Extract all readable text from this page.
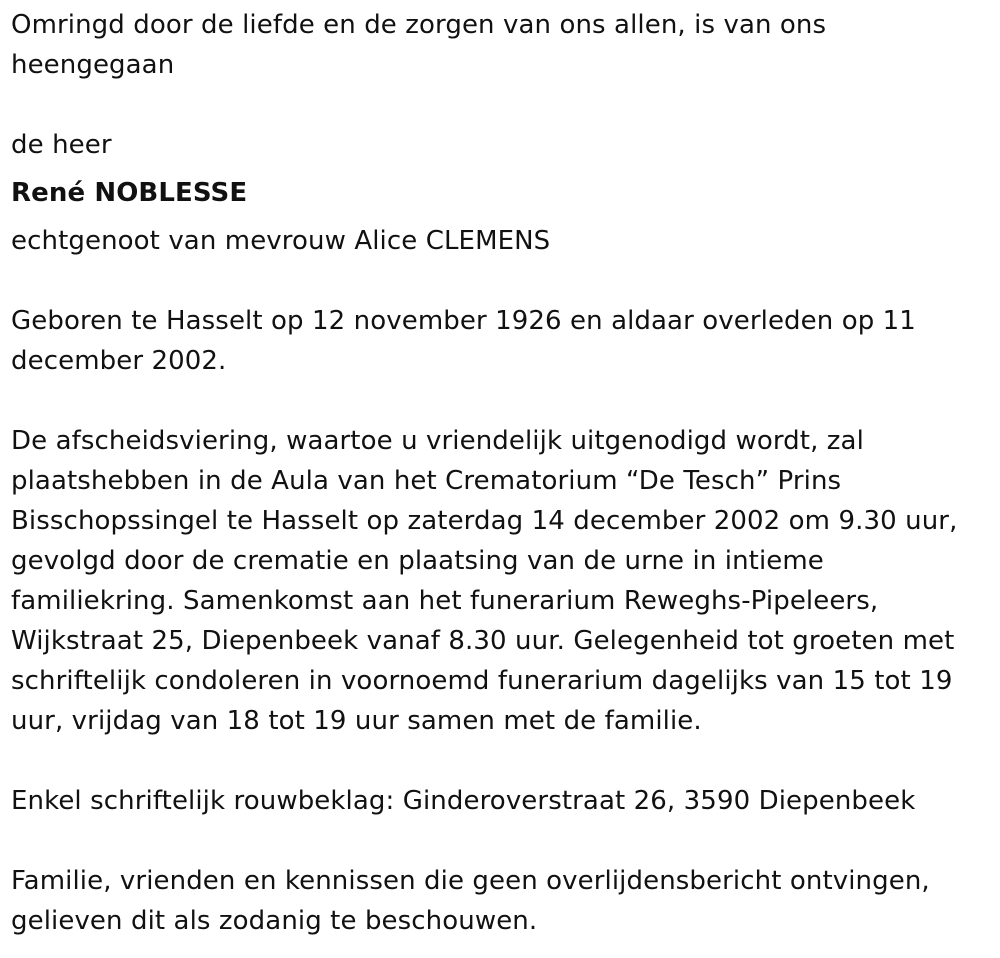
Omringd door de liefde en de zorgen van ons allen, is van ons heengegaan

de heer

René NOBLESSE

echtgenoot van mevrouw Alice CLEMENS

Geboren te Hasselt op 12 november 1926 en aldaar overleden op 11 december 2002.

De afscheidsviering, waartoe u vriendelijk uitgenodigd wordt, zal plaatshebben in de Aula van het Crematorium “De Tesch” Prins Bisschopssingel te Hasselt op zaterdag 14 december 2002 om 9.30 uur, gevolgd door de crematie en plaatsing van de urne in intieme familiekring. Samenkomst aan het funerarium Reweghs-Pipeleers, Wijkstraat 25, Diepenbeek vanaf 8.30 uur. Gelegenheid tot groeten met schriftelijk condoleren in voornoemd funerarium dagelijks van 15 tot 19 uur, vrijdag van 18 tot 19 uur samen met de familie.

Enkel schriftelijk rouwbeklag: Ginderoverstraat 26, 3590 Diepenbeek

Familie, vrienden en kennissen die geen overlijdensbericht ontvingen, gelieven dit als zodanig te beschouwen.
